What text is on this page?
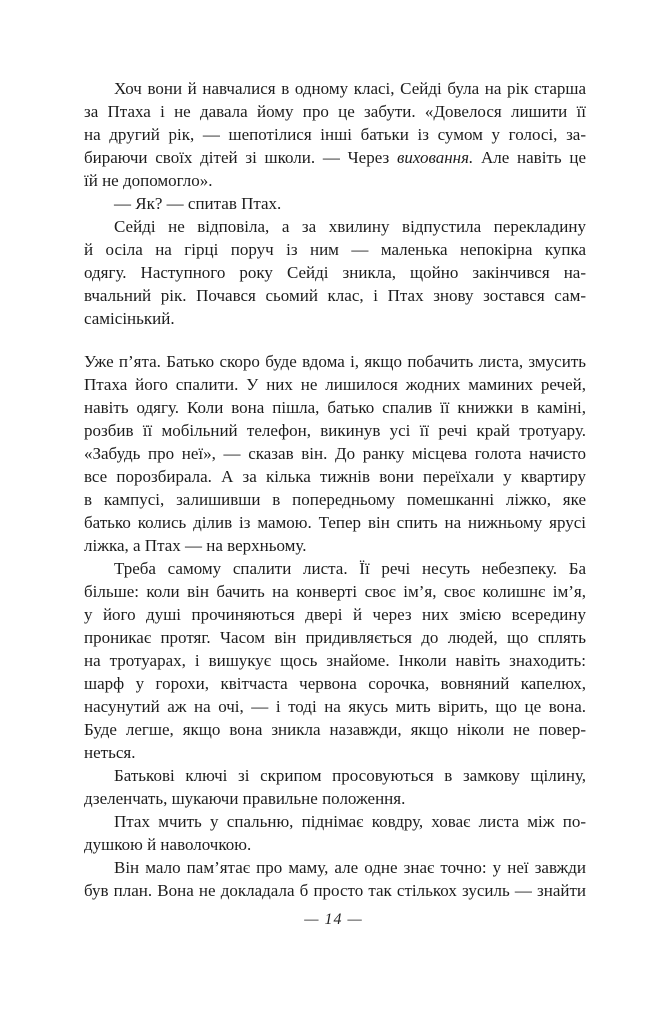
Хоч вони й навчалися в одному класі, Сейді була на рік старша
за Птаха і не давала йому про це забути. «Довелося лишити її
на другий рік, — шепотілися інші батьки із сумом у голосі, за-
бираючи своїх дітей зі школи. — Через виховання. Але навіть це
їй не допомогло».
— Як? — спитав Птах.
Сейді не відповіла, а за хвилину відпустила перекладину
й осіла на гірці поруч із ним — маленька непокірна купка
одягу. Наступного року Сейді зникла, щойно закінчився на-
вчальний рік. Почався сьомий клас, і Птах знову зостався сам-
самісінький.
Уже п’ята. Батько скоро буде вдома і, якщо побачить листа, змусить
Птаха його спалити. У них не лишилося жодних маминих речей,
навіть одягу. Коли вона пішла, батько спалив її книжки в каміні,
розбив її мобільний телефон, викинув усі її речі край тротуару.
«Забудь про неї», — сказав він. До ранку місцева голота начисто
все порозбирала. А за кілька тижнів вони переїхали у квартиру
в кампусі, залишивши в попередньому помешканні ліжко, яке
батько колись ділив із мамою. Тепер він спить на нижньому ярусі
ліжка, а Птах — на верхньому.
Треба самому спалити листа. Її речі несуть небезпеку. Ба
більше: коли він бачить на конверті своє ім’я, своє колишнє ім’я,
у його душі прочиняються двері й через них змією всередину
проникає протяг. Часом він придивляється до людей, що сплять
на тротуарах, і вишукує щось знайоме. Інколи навіть знаходить:
шарф у горохи, квітчаста червона сорочка, вовняний капелюх,
насунутий аж на очі, — і тоді на якусь мить вірить, що це вона.
Буде легше, якщо вона зникла назавжди, якщо ніколи не повер-
неться.
Батькові ключі зі скрипом просовуються в замкову щілину,
дзеленчать, шукаючи правильне положення.
Птах мчить у спальню, піднімає ковдру, ховає листа між по-
душкою й наволочкою.
Він мало пам’ятає про маму, але одне знає точно: у неї завжди
був план. Вона не докладала б просто так стількох зусиль — знайти
— 14 —
